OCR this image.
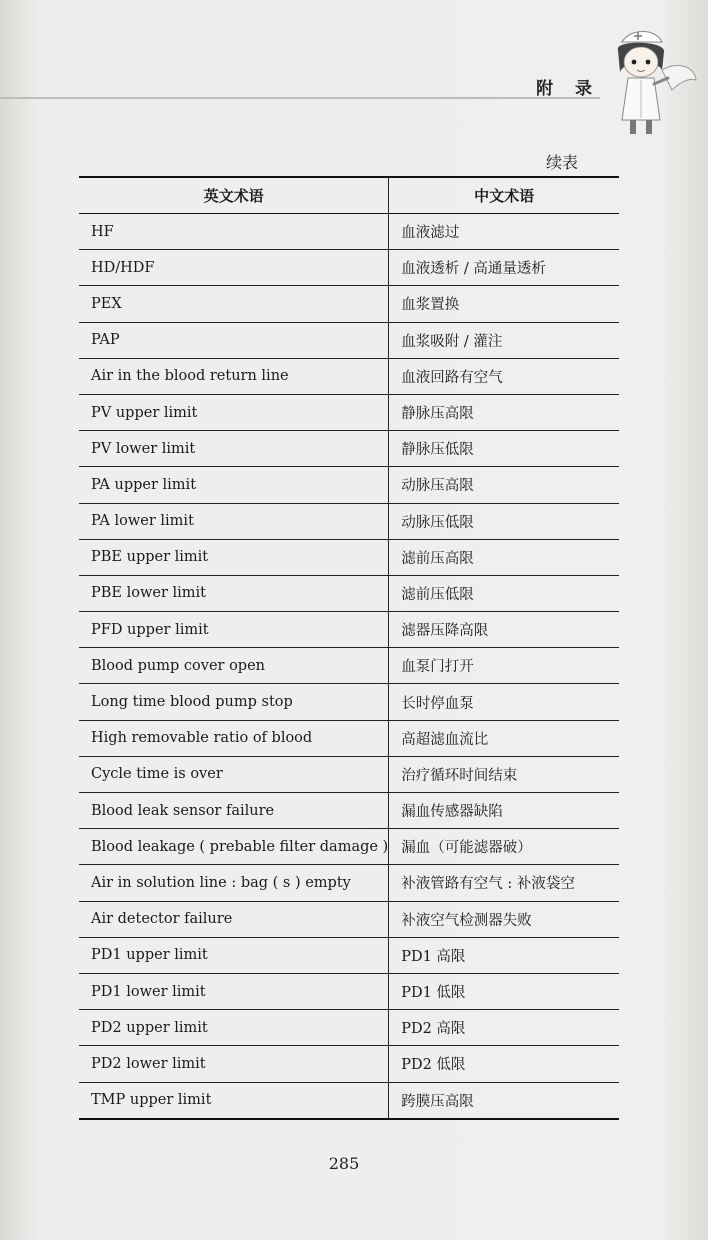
附 录
续表
英文术语	中文术语
HF	血液滤过
HD/HDF	血液透析 / 高通量透析
PEX	血浆置换
PAP	血浆吸附 / 灌注
Air in the blood return line	血液回路有空气
PV upper limit	静脉压高限
PV lower limit	静脉压低限
PA upper limit	动脉压高限
PA lower limit	动脉压低限
PBE upper limit	滤前压高限
PBE lower limit	滤前压低限
PFD upper limit	滤器压降高限
Blood pump cover open	血泵门打开
Long time blood pump stop	长时停血泵
High removable ratio of blood	高超滤血流比
Cycle time is over	治疗循环时间结束
Blood leak sensor failure	漏血传感器缺陷
Blood leakage ( prebable filter damage )	漏血（可能滤器破）
Air in solution line : bag ( s ) empty	补液管路有空气 : 补液袋空
Air detector failure	补液空气检测器失败
PD1 upper limit	PD1 高限
PD1 lower limit	PD1 低限
PD2 upper limit	PD2 高限
PD2 lower limit	PD2 低限
TMP upper limit	跨膜压高限
285
